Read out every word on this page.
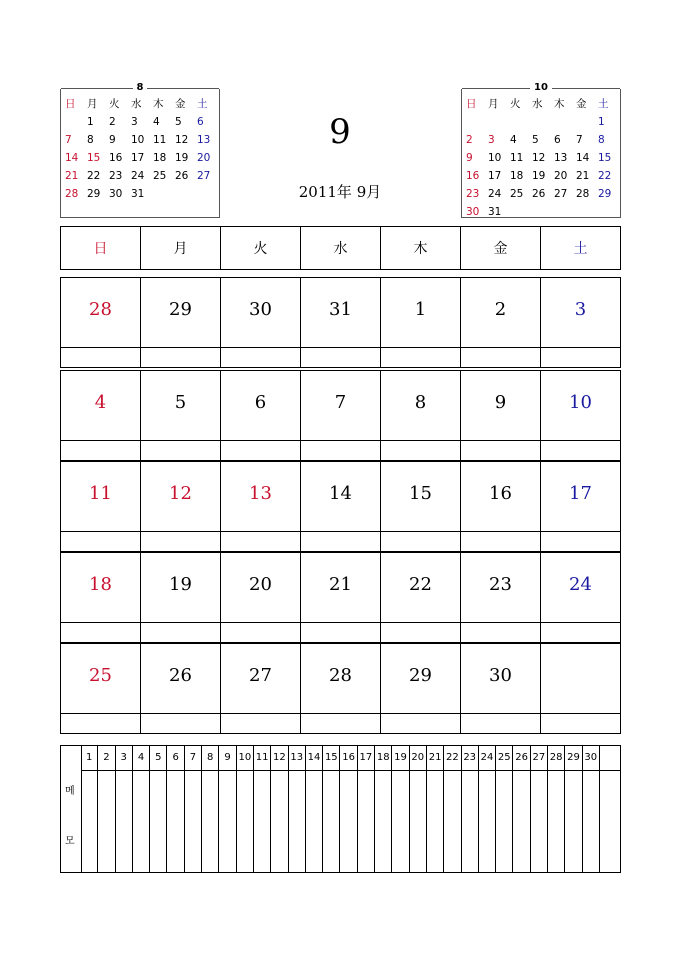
8
日	月	火	水	木	金	土
	1	2	3	4	5	6
7	8	9	10	11	12	13
14	15	16	17	18	19	20
21	22	23	24	25	26	27
28	29	30	31			
10
日	月	火	水	木	金	土
						1
2	3	4	5	6	7	8
9	10	11	12	13	14	15
16	17	18	19	20	21	22
23	24	25	26	27	28	29
30	31					
9
2011年 9月
日	月	火	水	木	金	土
28	29	30	31	1	2	3
4	5	6	7	8	9	10
11	12	13	14	15	16	17
18	19	20	21	22	23	24
25	26	27	28	29	30
메
모
1	2	3	4	5	6	7	8	9 10 11 12 13 14 15 16 17 18 19 20 21 22 23 24 25 26 27 28 29 30
